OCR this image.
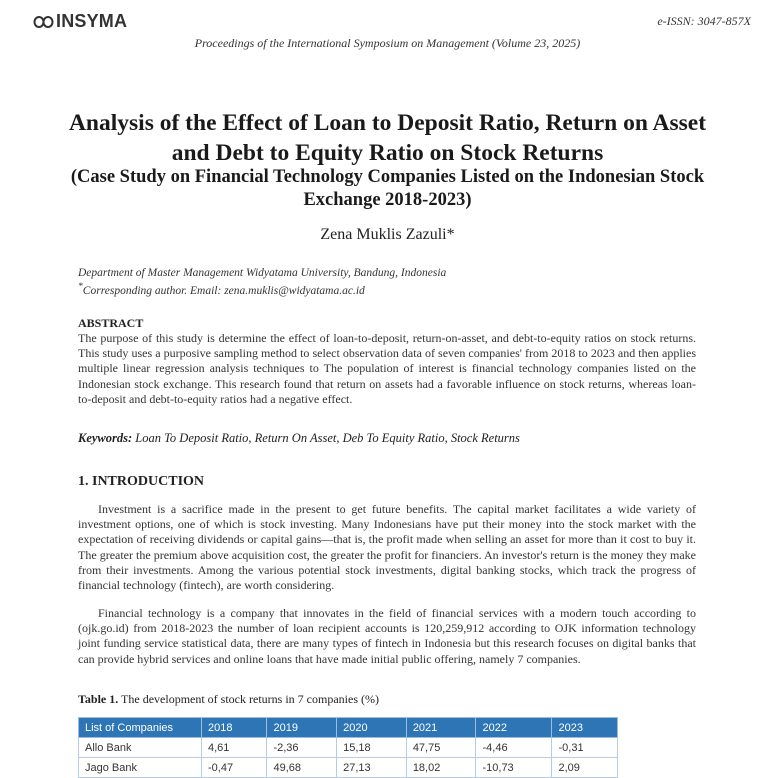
INSYMA	e-ISSN: 3047-857X
Proceedings of the International Symposium on Management (Volume 23, 2025)
Analysis of the Effect of Loan to Deposit Ratio, Return on Asset and Debt to Equity Ratio on Stock Returns
(Case Study on Financial Technology Companies Listed on the Indonesian Stock Exchange 2018-2023)
Zena Muklis Zazuli*
Department of Master Management Widyatama University, Bandung, Indonesia
*Corresponding author. Email: zena.muklis@widyatama.ac.id
ABSTRACT

The purpose of this study is determine the effect of loan-to-deposit, return-on-asset, and debt-to-equity ratios on stock returns. This study uses a purposive sampling method to select observation data of seven companies' from 2018 to 2023 and then applies multiple linear regression analysis techniques to The population of interest is financial technology companies listed on the Indonesian stock exchange. This research found that return on assets had a favorable influence on stock returns, whereas loan-to-deposit and debt-to-equity ratios had a negative effect.

Keywords: Loan To Deposit Ratio, Return On Asset, Deb To Equity Ratio, Stock Returns
1. INTRODUCTION

Investment is a sacrifice made in the present to get future benefits. The capital market facilitates a wide variety of investment options, one of which is stock investing. Many Indonesians have put their money into the stock market with the expectation of receiving dividends or capital gains—that is, the profit made when selling an asset for more than it cost to buy it. The greater the premium above acquisition cost, the greater the profit for financiers. An investor's return is the money they make from their investments. Among the various potential stock investments, digital banking stocks, which track the progress of financial technology (fintech), are worth considering.

Financial technology is a company that innovates in the field of financial services with a modern touch according to (ojk.go.id) from 2018-2023 the number of loan recipient accounts is 120,259,912 according to OJK information technology joint funding service statistical data, there are many types of fintech in Indonesia but this research focuses on digital banks that can provide hybrid services and online loans that have made initial public offering, namely 7 companies.

Table 1. The development of stock returns in 7 companies (%)
List of Companies	2018	2019	2020	2021	2022	2023
Allo Bank	4,61	-2,36	15,18	47,75	-4,46	-0,31
Jago Bank	-0,47	49,68	27,13	18,02	-10,73	2,09
